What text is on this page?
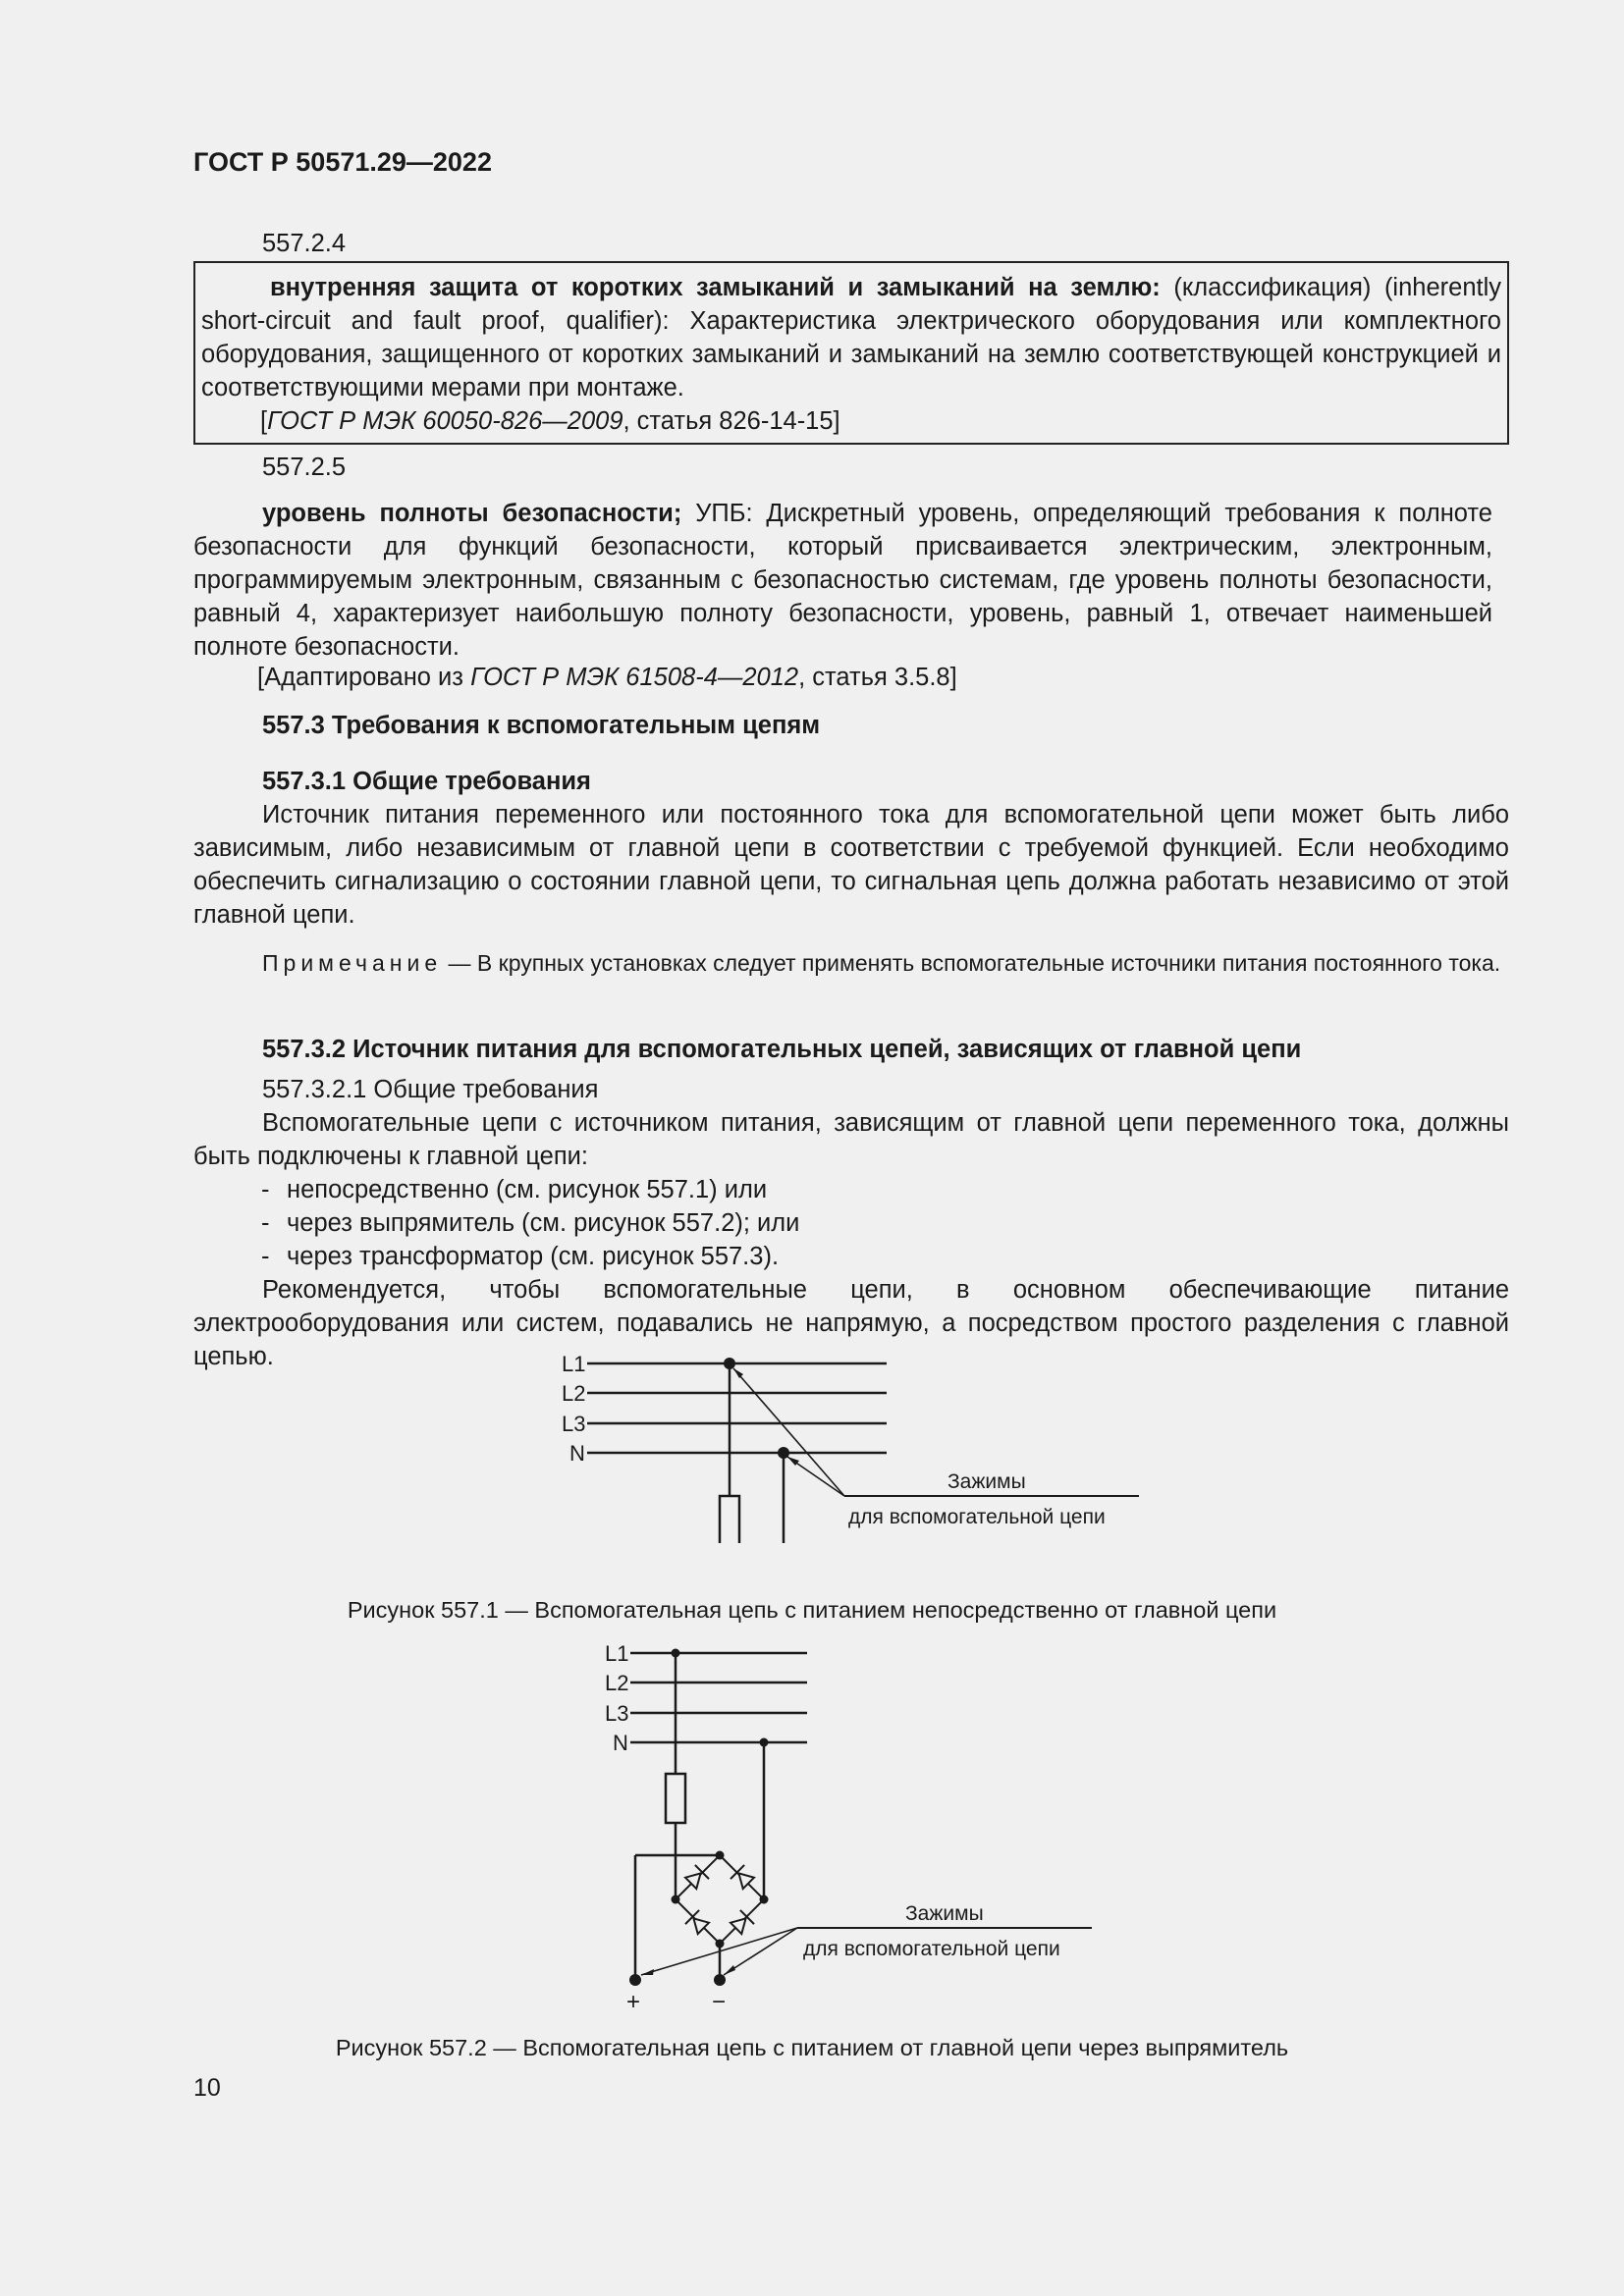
ГОСТ Р 50571.29—2022
557.2.4
внутренняя защита от коротких замыканий и замыканий на землю: (классификация) (inherently short-circuit and fault proof, qualifier): Характеристика электрического оборудования или комплектного оборудования, защищенного от коротких замыканий и замыканий на землю соответствующей конструкцией и соответствующими мерами при монтаже.
[ГОСТ Р МЭК 60050-826—2009, статья 826-14-15]
557.2.5
уровень полноты безопасности; УПБ: Дискретный уровень, определяющий требования к полноте безопасности для функций безопасности, который присваивается электрическим, электронным, программируемым электронным, связанным с безопасностью системам, где уровень полноты безопасности, равный 4, характеризует наибольшую полноту безопасности, уровень, равный 1, отвечает наименьшей полноте безопасности.
[Адаптировано из ГОСТ Р МЭК 61508-4—2012, статья 3.5.8]
557.3 Требования к вспомогательным цепям
557.3.1 Общие требования
Источник питания переменного или постоянного тока для вспомогательной цепи может быть либо зависимым, либо независимым от главной цепи в соответствии с требуемой функцией. Если необходимо обеспечить сигнализацию о состоянии главной цепи, то сигнальная цепь должна работать независимо от этой главной цепи.
Примечание — В крупных установках следует применять вспомогательные источники питания постоянного тока.
557.3.2 Источник питания для вспомогательных цепей, зависящих от главной цепи
557.3.2.1 Общие требования
Вспомогательные цепи с источником питания, зависящим от главной цепи переменного тока, должны быть подключены к главной цепи:
- непосредственно (см. рисунок 557.1) или
- через выпрямитель (см. рисунок 557.2); или
- через трансформатор (см. рисунок 557.3).
Рекомендуется, чтобы вспомогательные цепи, в основном обеспечивающие питание электрооборудования или систем, подавались не напрямую, а посредством простого разделения с главной цепью.	L1
L2
L3
N
Зажимы
для вспомогательной цепи
Рисунок 557.1 — Вспомогательная цепь с питанием непосредственно от главной цепи
L1
L2
L3
N
Зажимы
для вспомогательной цепи
+	−
Рисунок 557.2 — Вспомогательная цепь с питанием от главной цепи через выпрямитель
10
